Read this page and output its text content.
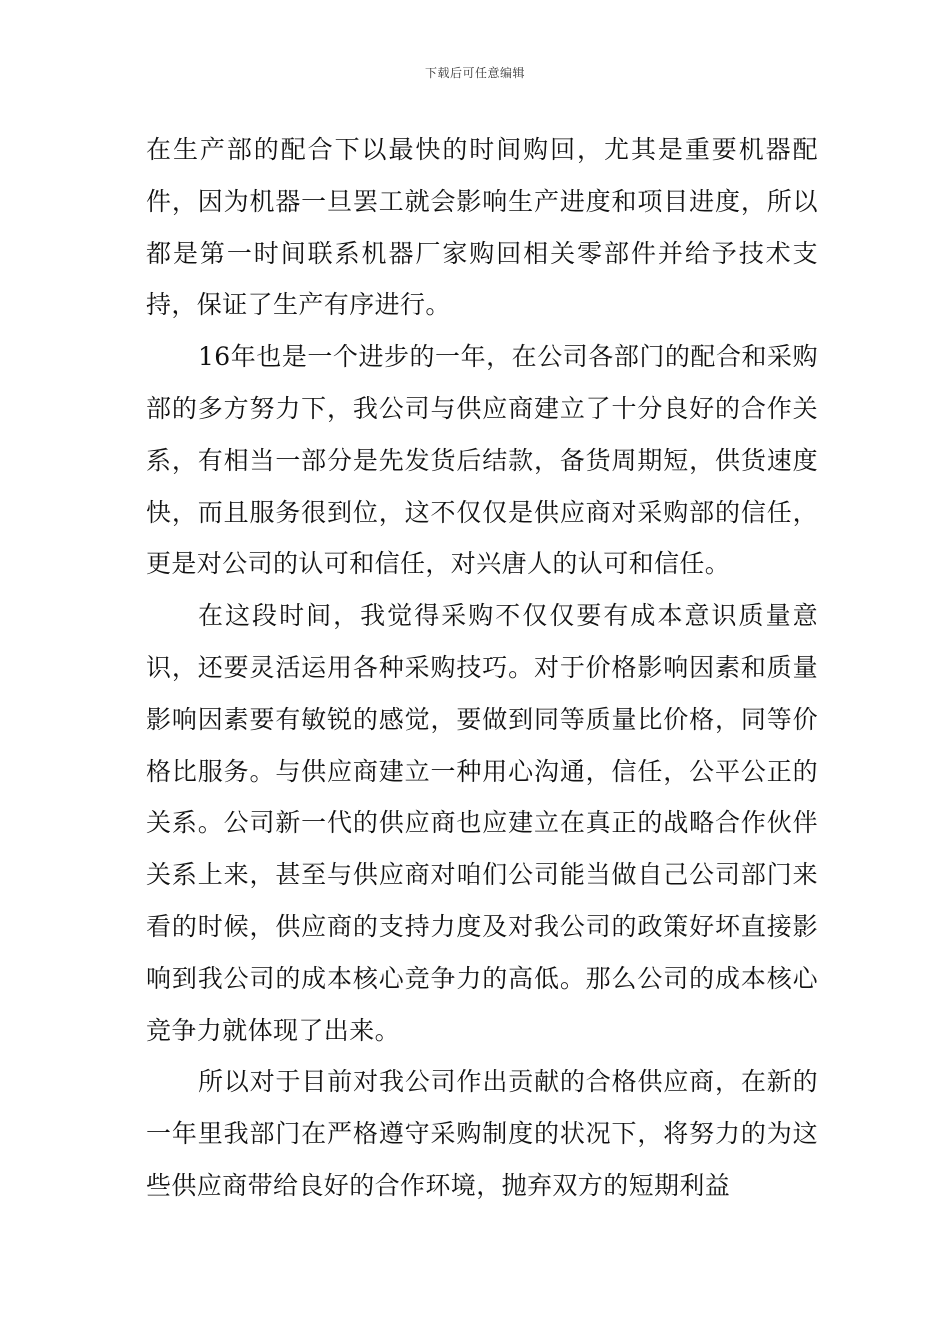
下载后可任意编辑

在生产部的配合下以最快的时间购回，尤其是重要机器配件，因为机器一旦罢工就会影响生产进度和项目进度，所以都是第一时间联系机器厂家购回相关零部件并给予技术支持，保证了生产有序进行。

16年也是一个进步的一年，在公司各部门的配合和采购部的多方努力下，我公司与供应商建立了十分良好的合作关系，有相当一部分是先发货后结款，备货周期短，供货速度快，而且服务很到位，这不仅仅是供应商对采购部的信任，更是对公司的认可和信任，对兴唐人的认可和信任。

在这段时间，我觉得采购不仅仅要有成本意识质量意识，还要灵活运用各种采购技巧。对于价格影响因素和质量影响因素要有敏锐的感觉，要做到同等质量比价格，同等价格比服务。与供应商建立一种用心沟通，信任，公平公正的关系。公司新一代的供应商也应建立在真正的战略合作伙伴关系上来，甚至与供应商对咱们公司能当做自己公司部门来看的时候，供应商的支持力度及对我公司的政策好坏直接影响到我公司的成本核心竞争力的高低。那么公司的成本核心竞争力就体现了出来。

所以对于目前对我公司作出贡献的合格供应商，在新的一年里我部门在严格遵守采购制度的状况下，将努力的为这些供应商带给良好的合作环境，抛弃双方的短期利益
